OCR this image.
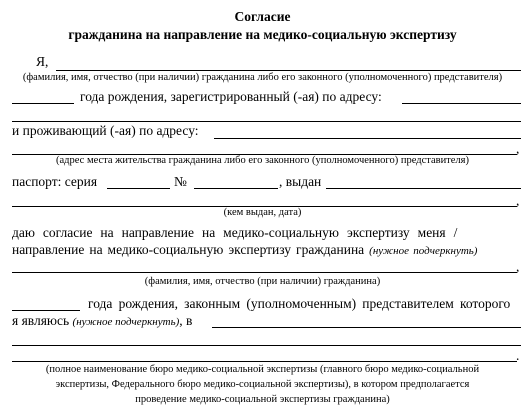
Согласие
гражданина на направление на медико-социальную экспертизу
Я,
(фамилия, имя, отчество (при наличии) гражданина либо его законного (уполномоченного) представителя)
года рождения, зарегистрированный (-ая) по адресу:
и проживающий (-ая) по адресу:
,
(адрес места жительства гражданина либо его законного (уполномоченного) представителя)
паспорт: серия	№	, выдан
,
(кем выдан, дата)
даю согласие на направление на медико-социальную экспертизу меня /
направление на медико-социальную экспертизу гражданина (нужное подчеркнуть)
,
(фамилия, имя, отчество (при наличии) гражданина)
года рождения, законным (уполномоченным) представителем которого
я являюсь (нужное подчеркнуть), в
.
(полное наименование бюро медико-социальной экспертизы (главного бюро медико-социальной
экспертизы, Федерального бюро медико-социальной экспертизы), в котором предполагается
проведение медико-социальной экспертизы гражданина)
